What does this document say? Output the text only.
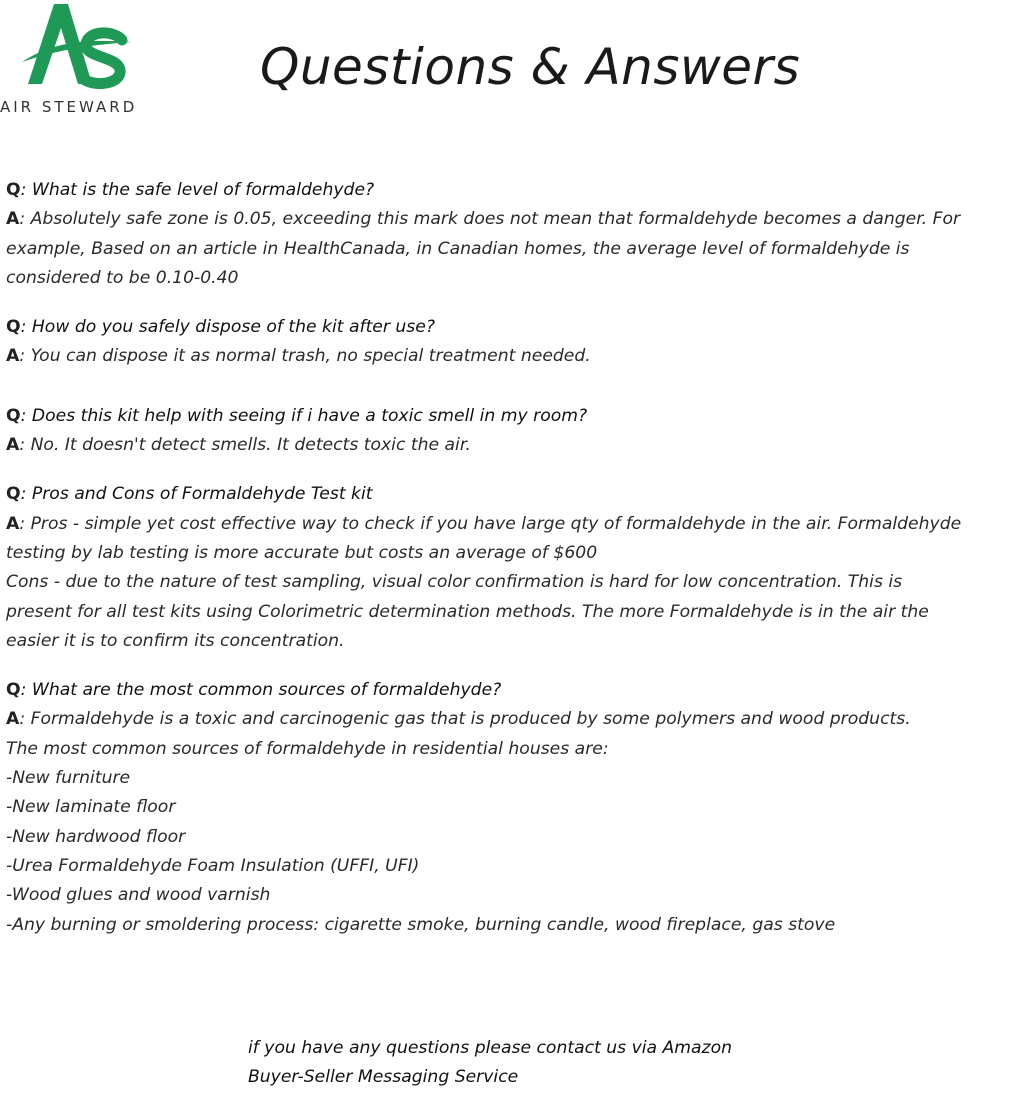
AIR STEWARD
Questions & Answers

Q: What is the safe level of formaldehyde?

A: Absolutely safe zone is 0.05, exceeding this mark does not mean that formaldehyde becomes a danger. For

example, Based on an article in HealthCanada, in Canadian homes, the average level of formaldehyde is

considered to be 0.10-0.40

Q: How do you safely dispose of the kit after use?

A: You can dispose it as normal trash, no special treatment needed.

Q: Does this kit help with seeing if i have a toxic smell in my room?

A: No. It doesn't detect smells. It detects toxic the air.

Q: Pros and Cons of Formaldehyde Test kit

A: Pros - simple yet cost effective way to check if you have large qty of formaldehyde in the air. Formaldehyde

testing by lab testing is more accurate but costs an average of $600

Cons - due to the nature of test sampling, visual color confirmation is hard for low concentration. This is

present for all test kits using Colorimetric determination methods. The more Formaldehyde is in the air the

easier it is to confirm its concentration.

Q: What are the most common sources of formaldehyde?

A: Formaldehyde is a toxic and carcinogenic gas that is produced by some polymers and wood products.

The most common sources of formaldehyde in residential houses are:

-New furniture

-New laminate floor

-New hardwood floor

-Urea Formaldehyde Foam Insulation (UFFI, UFI)

-Wood glues and wood varnish

-Any burning or smoldering process: cigarette smoke, burning candle, wood fireplace, gas stove

if you have any questions please contact us via Amazon
Buyer-Seller Messaging Service
